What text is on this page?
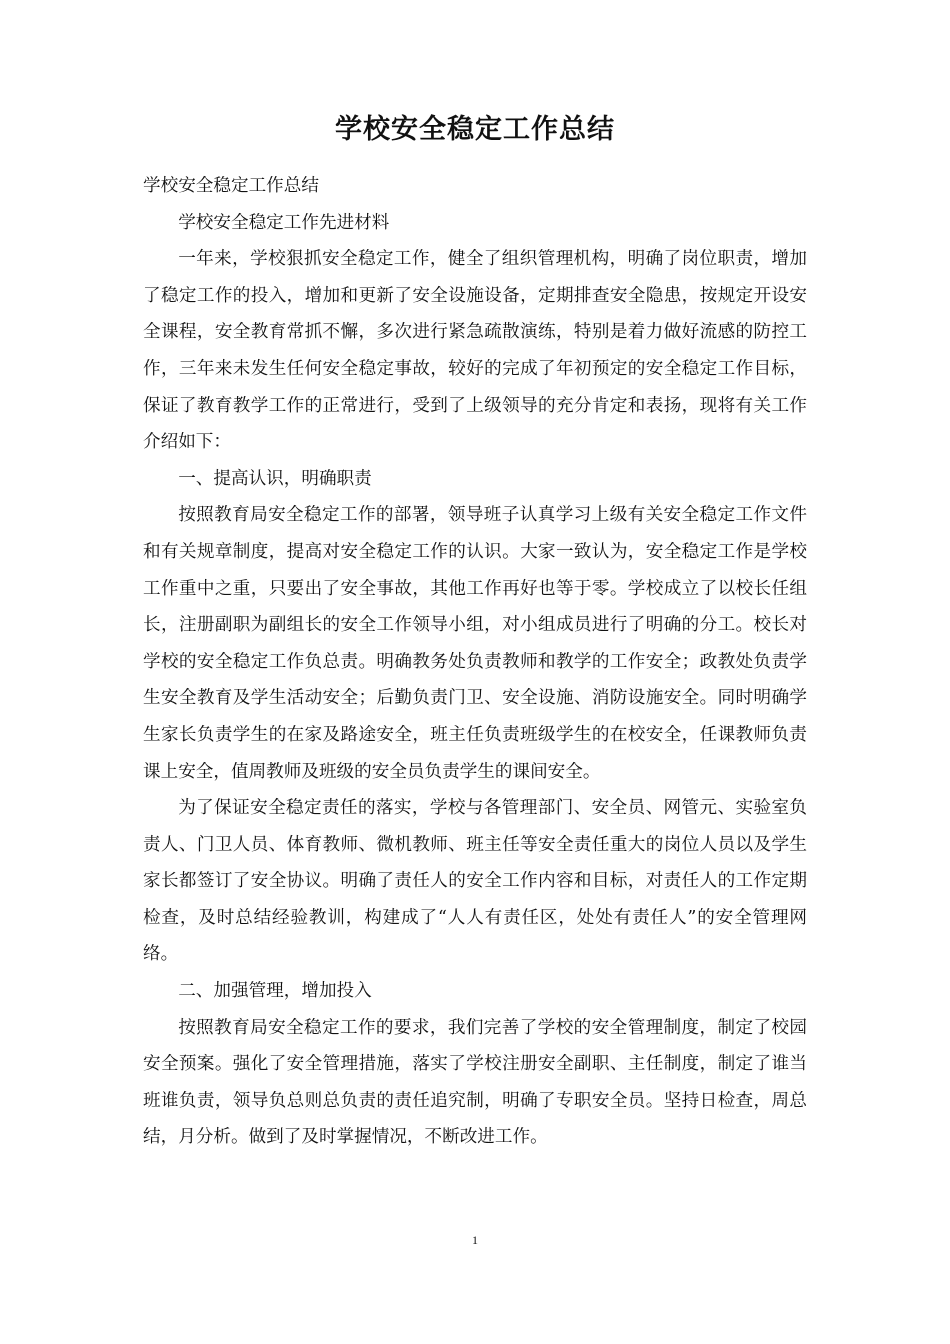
学校安全稳定工作总结

学校安全稳定工作总结

学校安全稳定工作先进材料

一年来，学校狠抓安全稳定工作，健全了组织管理机构，明确了岗位职责，增加了稳定工作的投入，增加和更新了安全设施设备，定期排查安全隐患，按规定开设安全课程，安全教育常抓不懈，多次进行紧急疏散演练，特别是着力做好流感的防控工作，三年来未发生任何安全稳定事故，较好的完成了年初预定的安全稳定工作目标，保证了教育教学工作的正常进行，受到了上级领导的充分肯定和表扬，现将有关工作介绍如下：

一、提高认识，明确职责

按照教育局安全稳定工作的部署，领导班子认真学习上级有关安全稳定工作文件和有关规章制度，提高对安全稳定工作的认识。大家一致认为，安全稳定工作是学校工作重中之重，只要出了安全事故，其他工作再好也等于零。学校成立了以校长任组长，注册副职为副组长的安全工作领导小组，对小组成员进行了明确的分工。校长对学校的安全稳定工作负总责。明确教务处负责教师和教学的工作安全；政教处负责学生安全教育及学生活动安全；后勤负责门卫、安全设施、消防设施安全。同时明确学生家长负责学生的在家及路途安全，班主任负责班级学生的在校安全，任课教师负责课上安全，值周教师及班级的安全员负责学生的课间安全。

为了保证安全稳定责任的落实，学校与各管理部门、安全员、网管元、实验室负责人、门卫人员、体育教师、微机教师、班主任等安全责任重大的岗位人员以及学生家长都签订了安全协议。明确了责任人的安全工作内容和目标，对责任人的工作定期检查，及时总结经验教训，构建成了“人人有责任区，处处有责任人”的安全管理网络。

二、加强管理，增加投入

按照教育局安全稳定工作的要求，我们完善了学校的安全管理制度，制定了校园安全预案。强化了安全管理措施，落实了学校注册安全副职、主任制度，制定了谁当班谁负责，领导负总则总负责的责任追究制，明确了专职安全员。坚持日检查，周总结，月分析。做到了及时掌握情况，不断改进工作。

1
